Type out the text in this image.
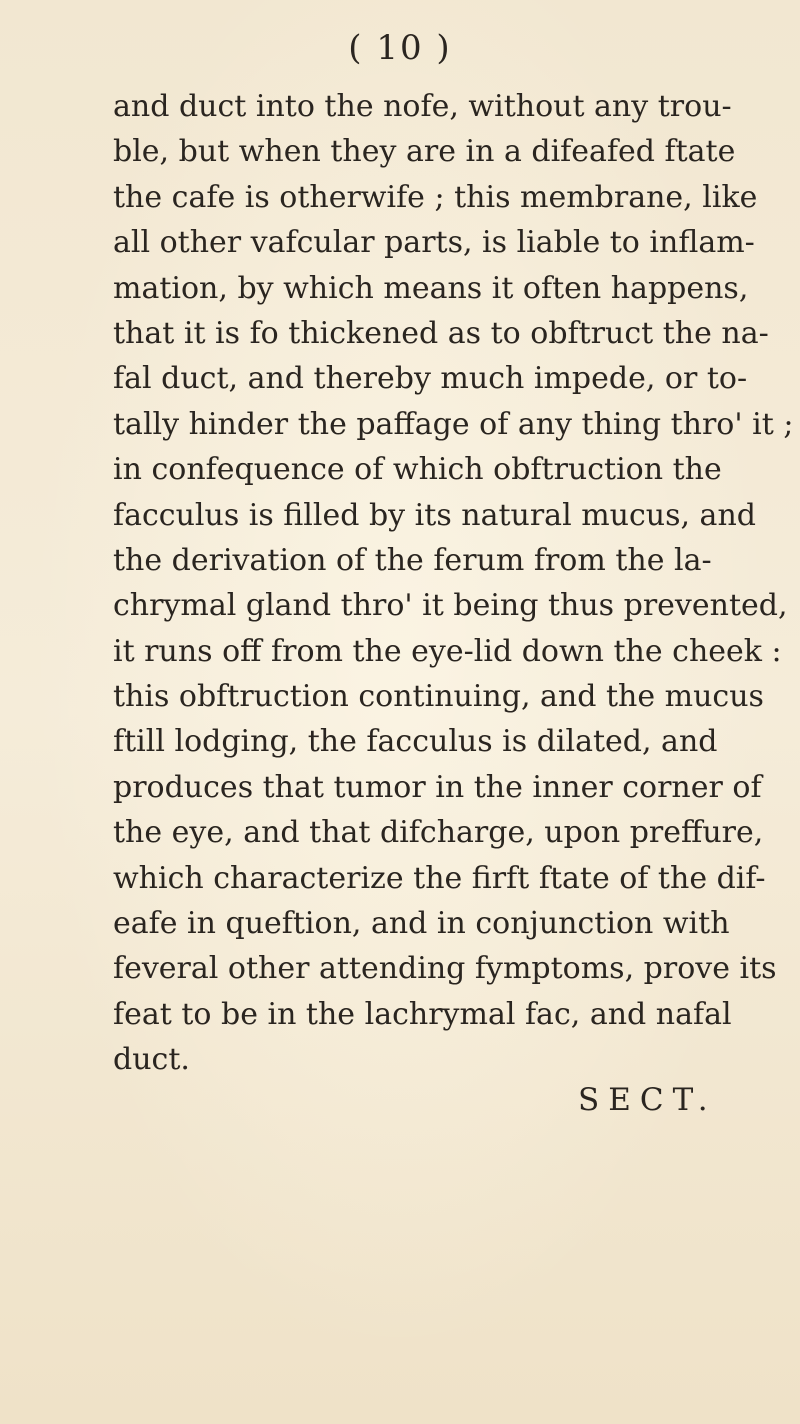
( 10 )
and duct into the nofe, without any trou-
ble, but when they are in a difeafed ftate
the cafe is otherwife ; this membrane, like
all other vafcular parts, is liable to inflam-
mation, by which means it often happens,
that it is fo thickened as to obftruct the na-
fal duct, and thereby much impede, or to-
tally hinder the paffage of any thing thro' it ;
in confequence of which obftruction the
facculus is filled by its natural mucus, and
the derivation of the ferum from the la-
chrymal gland thro' it being thus prevented,
it runs off from the eye-lid down the cheek :
this obftruction continuing, and the mucus
ftill lodging, the facculus is dilated, and
produces that tumor in the inner corner of
the eye, and that difcharge, upon preffure,
which characterize the firft ftate of the dif-
eafe in queftion, and in conjunction with
feveral other attending fymptoms, prove its
feat to be in the lachrymal fac, and nafal
duct.
SECT.
